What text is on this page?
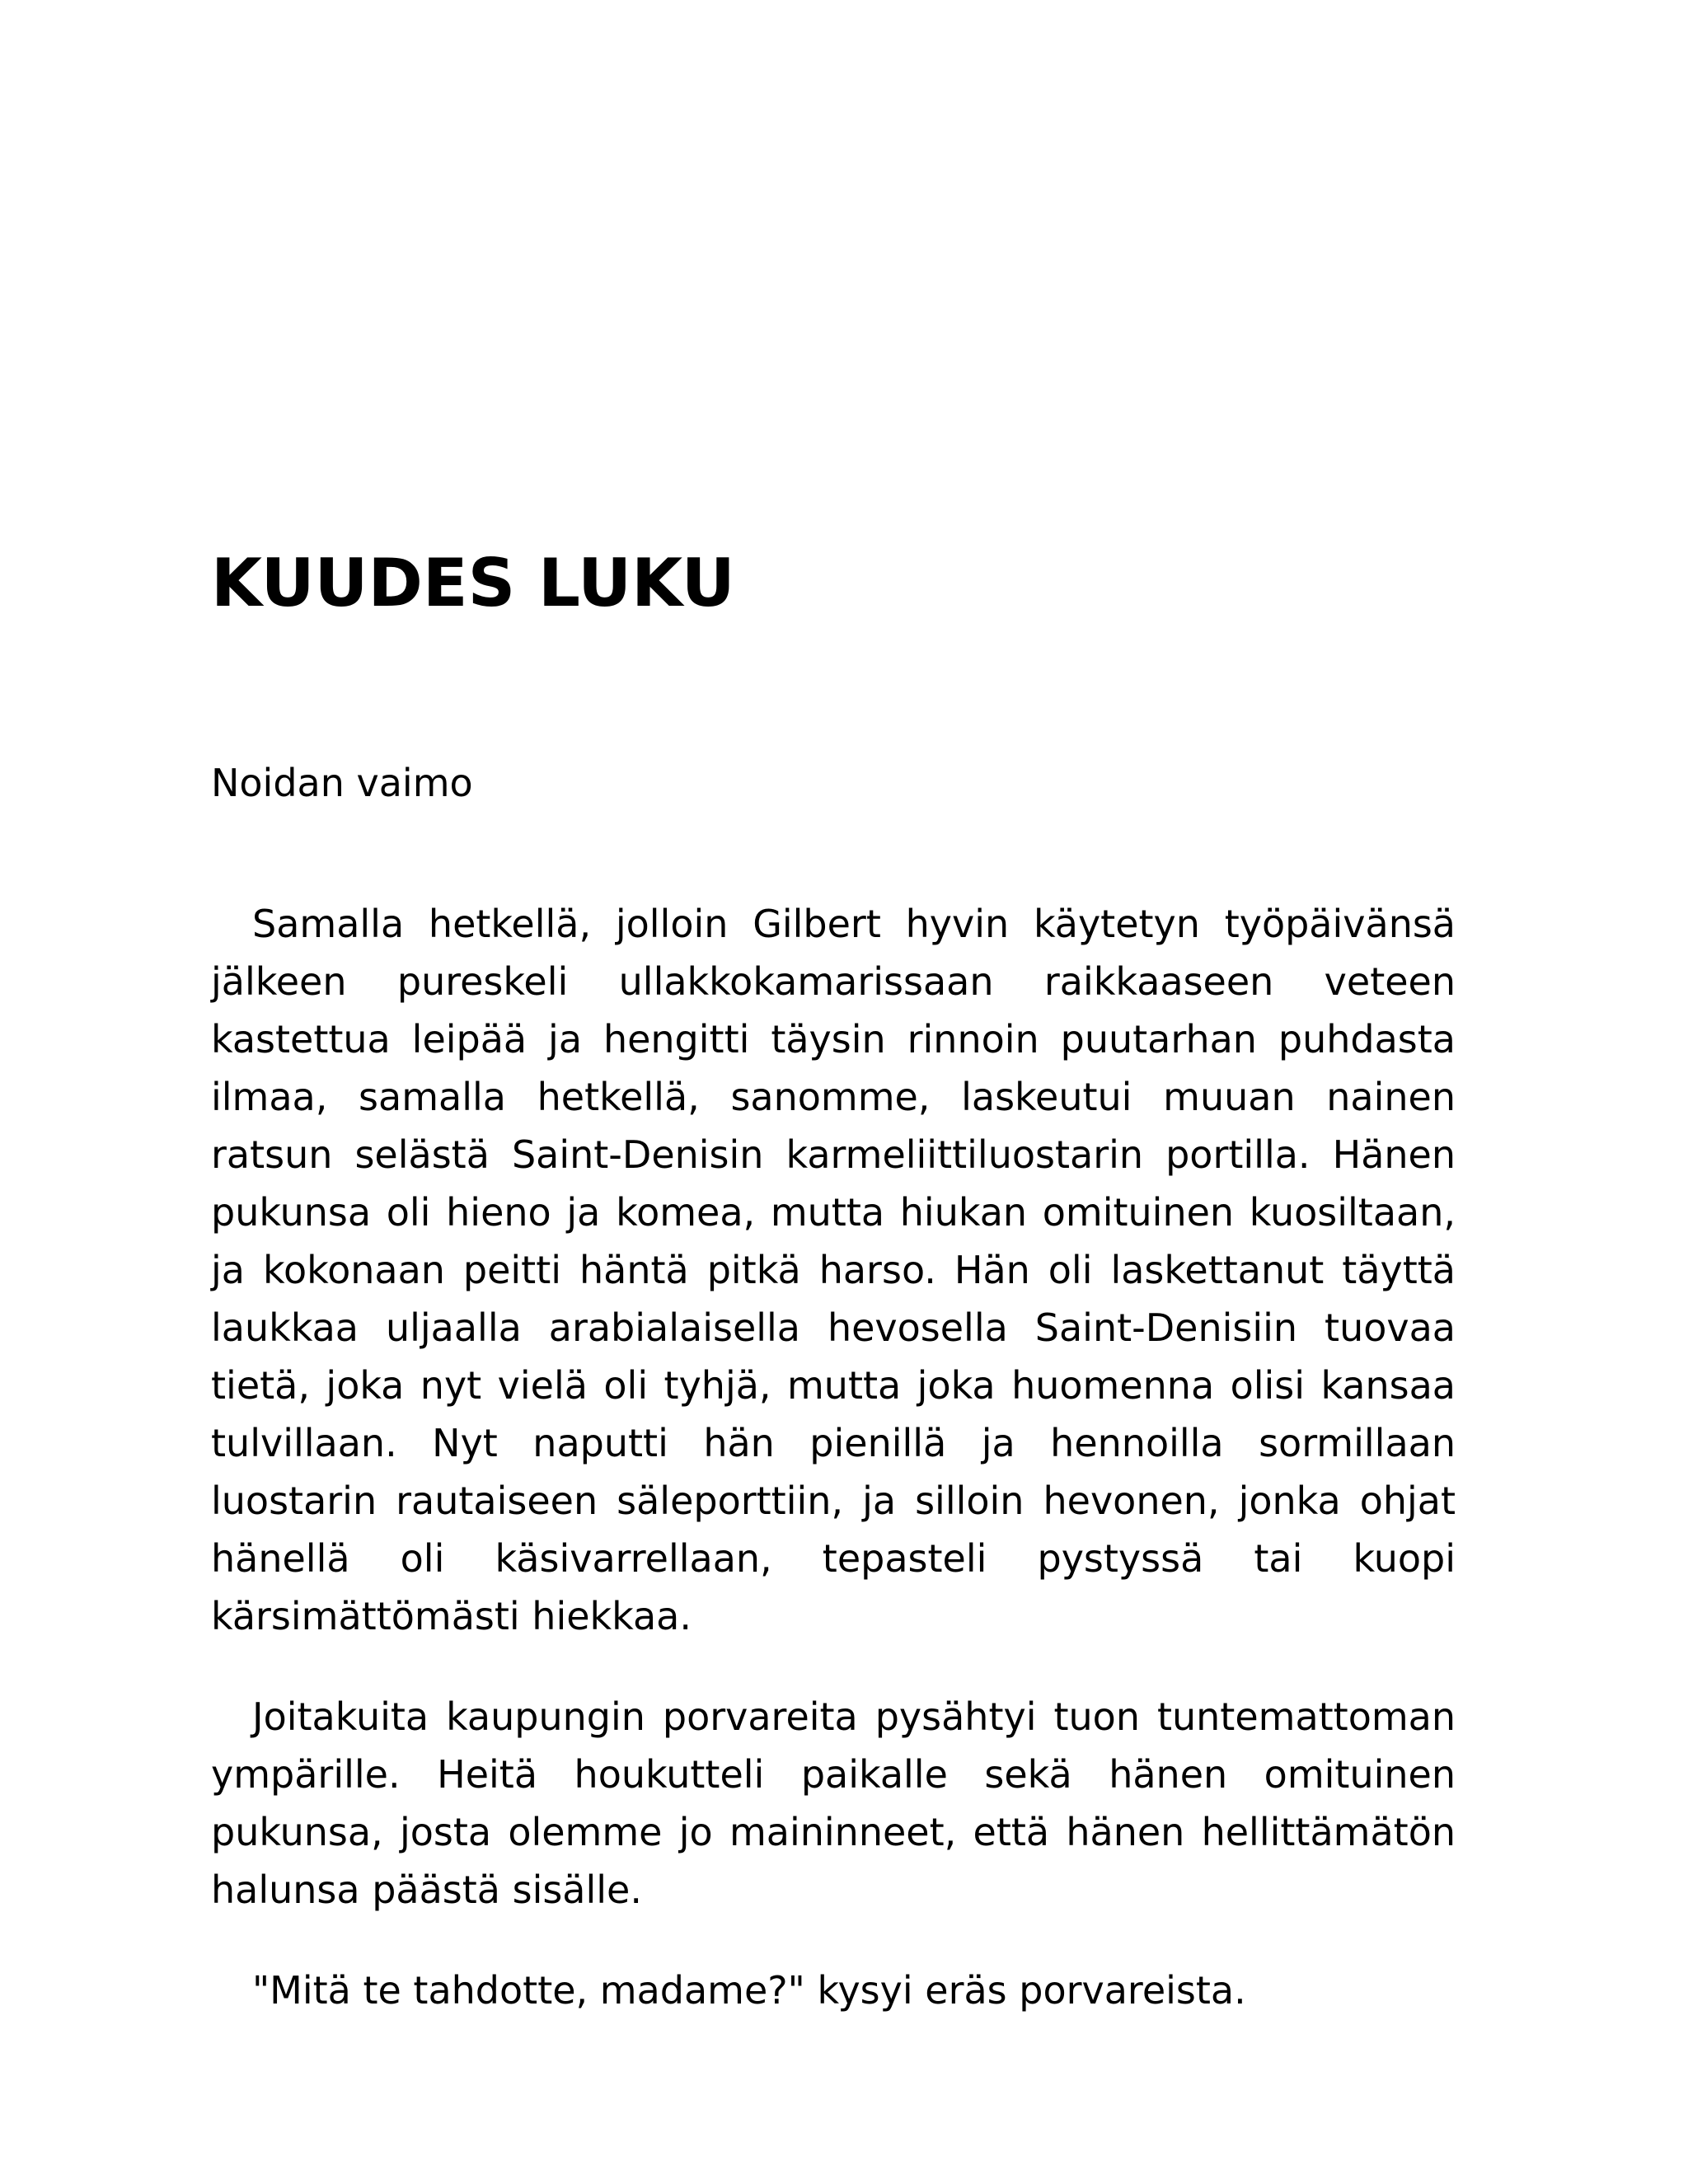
KUUDES LUKU
Noidan vaimo

Samalla hetkellä, jolloin Gilbert hyvin käytetyn työpäivänsä jälkeen pureskeli ullakkokamarissaan raikkaaseen veteen kastettua leipää ja hengitti täysin rinnoin puutarhan puhdasta ilmaa, samalla hetkellä, sanomme, laskeutui muuan nainen ratsun selästä Saint-Denisin karmeliittiluostarin portilla. Hänen pukunsa oli hieno ja komea, mutta hiukan omituinen kuosiltaan, ja kokonaan peitti häntä pitkä harso. Hän oli laskettanut täyttä laukkaa uljaalla arabialaisella hevosella Saint-Denisiin tuovaa tietä, joka nyt vielä oli tyhjä, mutta joka huomenna olisi kansaa tulvillaan. Nyt naputti hän pienillä ja hennoilla sormillaan luostarin rautaiseen säleporttiin, ja silloin hevonen, jonka ohjat hänellä oli käsivarrellaan, tepasteli pystyssä tai kuopi kärsimättömästi hiekkaa.

Joitakuita kaupungin porvareita pysähtyi tuon tuntemattoman ympärille. Heitä houkutteli paikalle sekä hänen omituinen pukunsa, josta olemme jo maininneet, että hänen hellittämätön halunsa päästä sisälle.

"Mitä te tahdotte, madame?" kysyi eräs porvareista.
